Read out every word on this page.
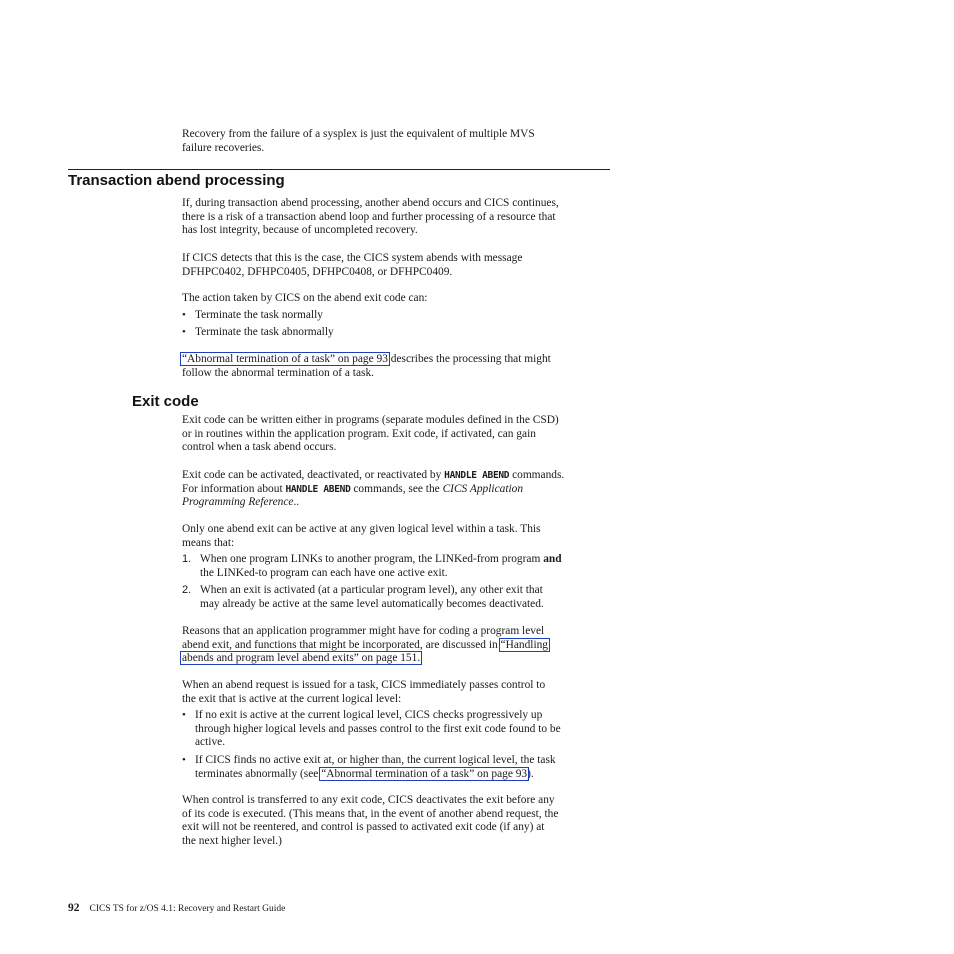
Recovery from the failure of a sysplex is just the equivalent of multiple MVS
failure recoveries.
Transaction abend processing
If, during transaction abend processing, another abend occurs and CICS continues,
there is a risk of a transaction abend loop and further processing of a resource that
has lost integrity, because of uncompleted recovery.
If CICS detects that this is the case, the CICS system abends with message
DFHPC0402, DFHPC0405, DFHPC0408, or DFHPC0409.
The action taken by CICS on the abend exit code can:
• Terminate the task normally
• Terminate the task abnormally
“Abnormal termination of a task” on page 93 describes the processing that might
follow the abnormal termination of a task.
Exit code
Exit code can be written either in programs (separate modules defined in the CSD)
or in routines within the application program. Exit code, if activated, can gain
control when a task abend occurs.
Exit code can be activated, deactivated, or reactivated by HANDLE ABEND commands.
For information about HANDLE ABEND commands, see the CICS Application
Programming Reference..
Only one abend exit can be active at any given logical level within a task. This
means that:
1. When one program LINKs to another program, the LINKed-from program and
the LINKed-to program can each have one active exit.
2. When an exit is activated (at a particular program level), any other exit that
may already be active at the same level automatically becomes deactivated.
Reasons that an application programmer might have for coding a program level
abend exit, and functions that might be incorporated, are discussed in “Handling
abends and program level abend exits” on page 151.
When an abend request is issued for a task, CICS immediately passes control to
the exit that is active at the current logical level:
• If no exit is active at the current logical level, CICS checks progressively up
through higher logical levels and passes control to the first exit code found to be
active.
• If CICS finds no active exit at, or higher than, the current logical level, the task
terminates abnormally (see “Abnormal termination of a task” on page 93).
When control is transferred to any exit code, CICS deactivates the exit before any
of its code is executed. (This means that, in the event of another abend request, the
exit will not be reentered, and control is passed to activated exit code (if any) at
the next higher level.)
92 CICS TS for z/OS 4.1: Recovery and Restart Guide
